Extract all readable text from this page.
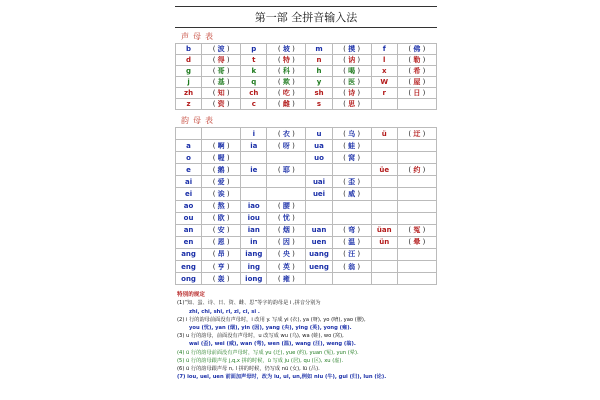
第一部 全拼音输入法
声母表
b	( 波 )	p	( 坡 )	m	( 摸 )	f	( 佛 )
d	( 得 )	t	( 特 )	n	( 讷 )	l	( 勒 )
g	( 哥 )	k	( 科 )	h	( 喝 )	x	( 希 )
j	( 基 )	q	( 欺 )	y	( 医 )	W	( 屋 )
zh	( 知 )	ch	( 吃 )	sh	( 诗 )	r	( 日 )
z	( 资 )	c	( 雌 )	s	( 思 )		
韵母表
		i	( 衣 )	u	( 乌 )	ü	( 迂 )
a	( 啊 )	ia	( 呀 )	ua	( 蛙 )		
o	( 喔 )			uo	( 窝 )		
e	( 鹅 )	ie	( 耶 )			üe	( 约 )
ai	( 爱 )			uai	( 歪 )		
ei	( 诶 )			uei	( 威 )		
ao	( 熬 )	iao	( 腰 )				
ou	( 欧 )	iou	( 忧 )				
an	( 安 )	ian	( 烟 )	uan	( 弯 )	üan	( 冤 )
en	( 恩 )	in	( 因 )	uen	( 温 )	ün	( 晕 )
ang	( 昂 )	iang	( 央 )	uang	( 汪 )		
eng	( 亨 )	ing	( 英 )	ueng	( 翁 )		
ong	( 轰 )	iong	( 雍 )				
特别的规定
(1)“知、蚩、诗、日、资、雌、思”等字的韵母是 i ,拼音分别为
zhi, chi, shi, ri, zi, ci, si .
(2) i 行的韵母前面没有声母时，i 改用 y. 写成 yi (衣), ya (呀), yo (唷), yao (腰),
you (忧), yan (烟), yin (因), yang (央), ying (英), yong (雍).
(3) u 行的韵母，前面没有声母时，u 改写成 wu (乌), wa (蛙), wo (窝),
wai (歪), wei (威), wan (弯), wen (温), wang (汪), weng (翁).
(4) ü 行的韵母前面没有声母时，写成 yu (迂), yue (约), yuan (冤), yun (晕).
(5) ü 行的韵母跟声母 j,q,x 拼的时候，ü 写成 ju (居), qu (区), xu (虚).
(6) ü 行的韵母跟声母 n, l 拼的时候，仍写成 nü (女), lü (吕).
(7) iou, uei, uen 前面加声母时，改为 iu, ui, un,例如 niu (牛), gui (归), lun (论).
